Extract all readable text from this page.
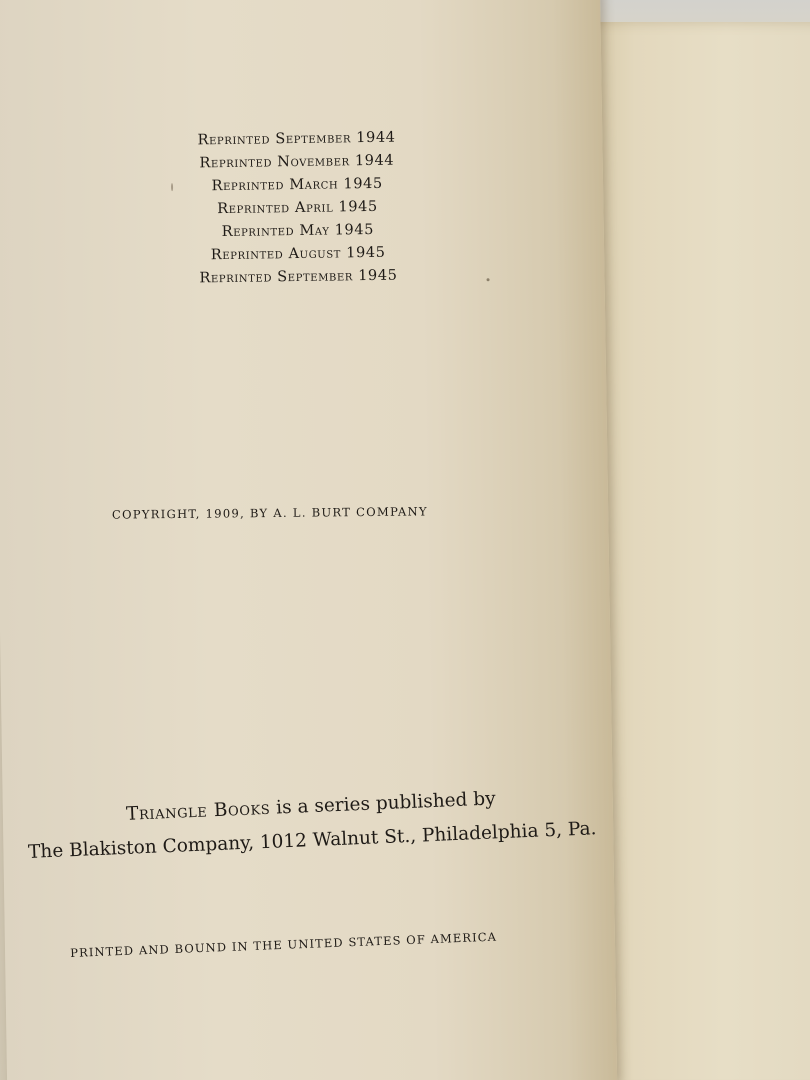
Reprinted September 1944
Reprinted November 1944
Reprinted March 1945
Reprinted April 1945
Reprinted May 1945
Reprinted August 1945
Reprinted September 1945
COPYRIGHT, 1909, BY A. L. BURT COMPANY
Triangle Books is a series published by
The Blakiston Company, 1012 Walnut St., Philadelphia 5, Pa.
PRINTED AND BOUND IN THE UNITED STATES OF AMERICA
